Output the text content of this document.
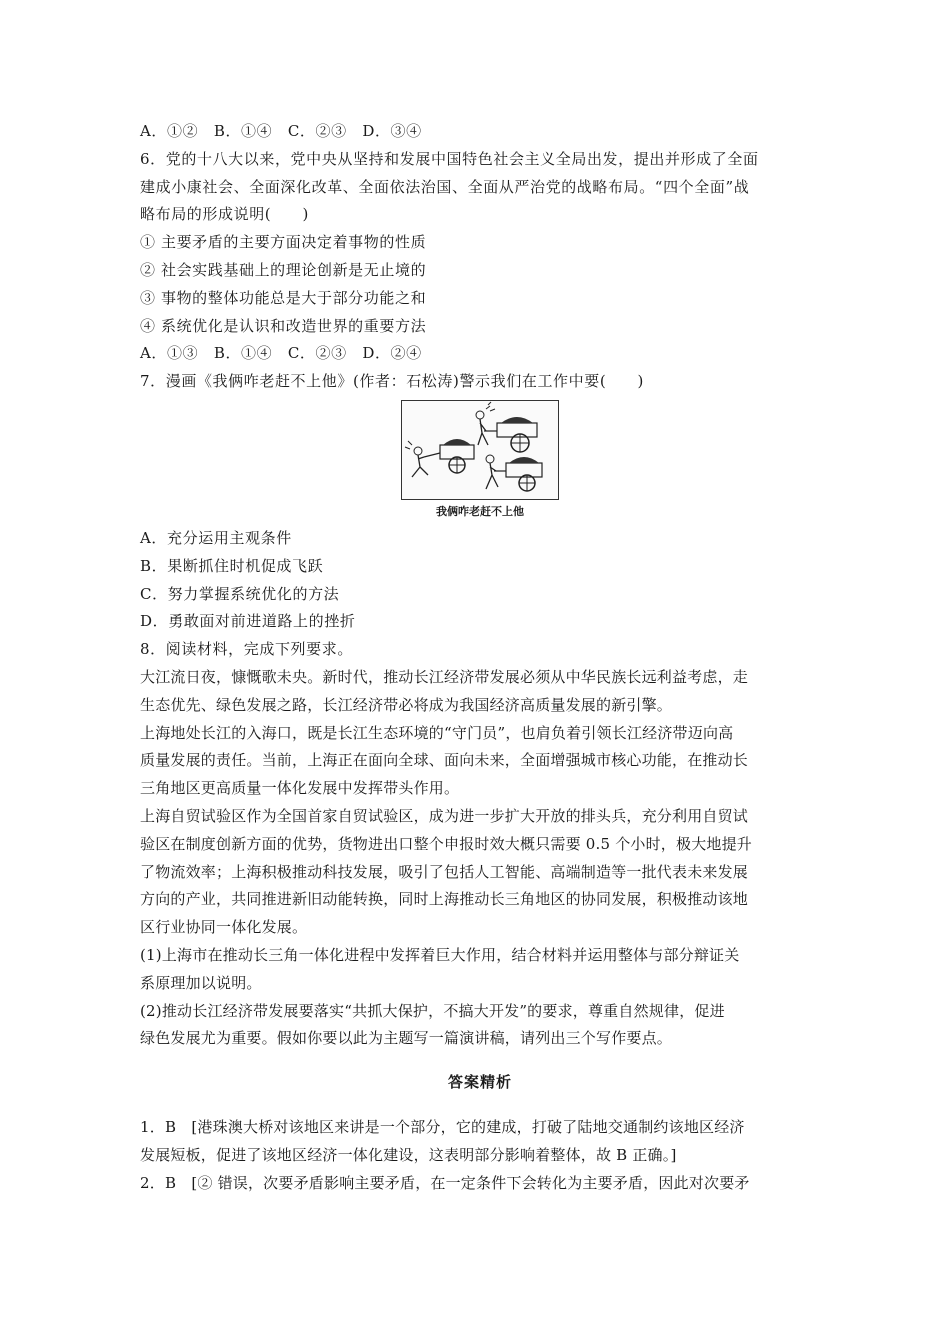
A．①②　B．①④　C．②③　D．③④
6．党的十八大以来，党中央从坚持和发展中国特色社会主义全局出发，提出并形成了全面
建成小康社会、全面深化改革、全面依法治国、全面从严治党的战略布局。“四个全面”战
略布局的形成说明(　　)
① 主要矛盾的主要方面决定着事物的性质
② 社会实践基础上的理论创新是无止境的
③ 事物的整体功能总是大于部分功能之和
④ 系统优化是认识和改造世界的重要方法
A．①③　B．①④　C．②③　D．②④
7．漫画《我俩咋老赶不上他》(作者：石松涛)警示我们在工作中要(　　)
我俩咋老赶不上他
A．充分运用主观条件
B．果断抓住时机促成飞跃
C．努力掌握系统优化的方法
D．勇敢面对前进道路上的挫折
8．阅读材料，完成下列要求。
大江流日夜，慷慨歌未央。新时代，推动长江经济带发展必须从中华民族长远利益考虑，走
生态优先、绿色发展之路，长江经济带必将成为我国经济高质量发展的新引擎。
上海地处长江的入海口，既是长江生态环境的“守门员”，也肩负着引领长江经济带迈向高
质量发展的责任。当前，上海正在面向全球、面向未来，全面增强城市核心功能，在推动长
三角地区更高质量一体化发展中发挥带头作用。
上海自贸试验区作为全国首家自贸试验区，成为进一步扩大开放的排头兵，充分利用自贸试
验区在制度创新方面的优势，货物进出口整个申报时效大概只需要 0.5 个小时，极大地提升
了物流效率；上海积极推动科技发展，吸引了包括人工智能、高端制造等一批代表未来发展
方向的产业，共同推进新旧动能转换，同时上海推动长三角地区的协同发展，积极推动该地
区行业协同一体化发展。
(1)上海市在推动长三角一体化进程中发挥着巨大作用，结合材料并运用整体与部分辩证关
系原理加以说明。
(2)推动长江经济带发展要落实“共抓大保护，不搞大开发”的要求，尊重自然规律，促进
绿色发展尤为重要。假如你要以此为主题写一篇演讲稿，请列出三个写作要点。
答案精析
1．B　[港珠澳大桥对该地区来讲是一个部分，它的建成，打破了陆地交通制约该地区经济
发展短板，促进了该地区经济一体化建设，这表明部分影响着整体，故 B 正确。]
2．B　[② 错误，次要矛盾影响主要矛盾，在一定条件下会转化为主要矛盾，因此对次要矛
